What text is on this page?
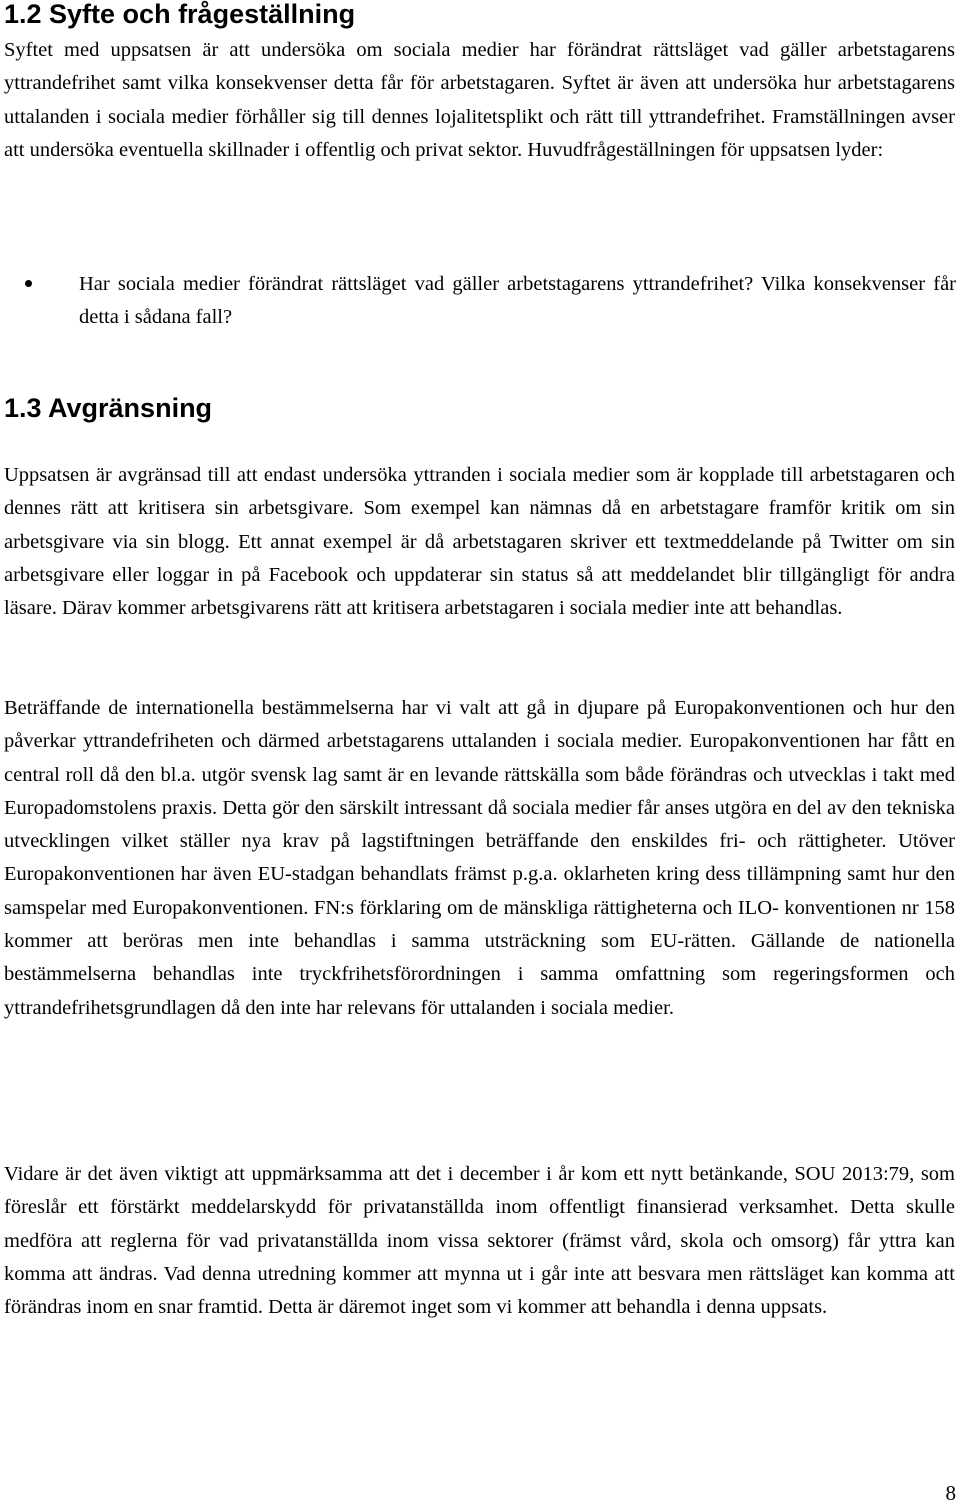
1.2 Syfte och frågeställning

Syftet med uppsatsen är att undersöka om sociala medier har förändrat rättsläget vad gäller arbetstagarens yttrandefrihet samt vilka konsekvenser detta får för arbetstagaren. Syftet är även att undersöka hur arbetstagarens uttalanden i sociala medier förhåller sig till dennes lojalitetsplikt och rätt till yttrandefrihet. Framställningen avser att undersöka eventuella skillnader i offentlig och privat sektor. Huvudfrågeställningen för uppsatsen lyder:

Har sociala medier förändrat rättsläget vad gäller arbetstagarens yttrandefrihet? Vilka konsekvenser får detta i sådana fall?

1.3 Avgränsning

Uppsatsen är avgränsad till att endast undersöka yttranden i sociala medier som är kopplade till arbetstagaren och dennes rätt att kritisera sin arbetsgivare. Som exempel kan nämnas då en arbetstagare framför kritik om sin arbetsgivare via sin blogg. Ett annat exempel är då arbetstagaren skriver ett textmeddelande på Twitter om sin arbetsgivare eller loggar in på Facebook och uppdaterar sin status så att meddelandet blir tillgängligt för andra läsare. Därav kommer arbetsgivarens rätt att kritisera arbetstagaren i sociala medier inte att behandlas.

Beträffande de internationella bestämmelserna har vi valt att gå in djupare på Europakonventionen och hur den påverkar yttrandefriheten och därmed arbetstagarens uttalanden i sociala medier. Europakonventionen har fått en central roll då den bl.a. utgör svensk lag samt är en levande rättskälla som både förändras och utvecklas i takt med Europadomstolens praxis. Detta gör den särskilt intressant då sociala medier får anses utgöra en del av den tekniska utvecklingen vilket ställer nya krav på lagstiftningen beträffande den enskildes fri- och rättigheter. Utöver Europakonventionen har även EU-stadgan behandlats främst p.g.a. oklarheten kring dess tillämpning samt hur den samspelar med Europakonventionen. FN:s förklaring om de mänskliga rättigheterna och ILO- konventionen nr 158 kommer att beröras men inte behandlas i samma utsträckning som EU-rätten. Gällande de nationella bestämmelserna behandlas inte tryckfrihetsförordningen i samma omfattning som regeringsformen och yttrandefrihetsgrundlagen då den inte har relevans för uttalanden i sociala medier.

Vidare är det även viktigt att uppmärksamma att det i december i år kom ett nytt betänkande, SOU 2013:79, som föreslår ett förstärkt meddelarskydd för privatanställda inom offentligt finansierad verksamhet. Detta skulle medföra att reglerna för vad privatanställda inom vissa sektorer (främst vård, skola och omsorg) får yttra kan komma att ändras. Vad denna utredning kommer att mynna ut i går inte att besvara men rättsläget kan komma att förändras inom en snar framtid. Detta är däremot inget som vi kommer att behandla i denna uppsats.

8
